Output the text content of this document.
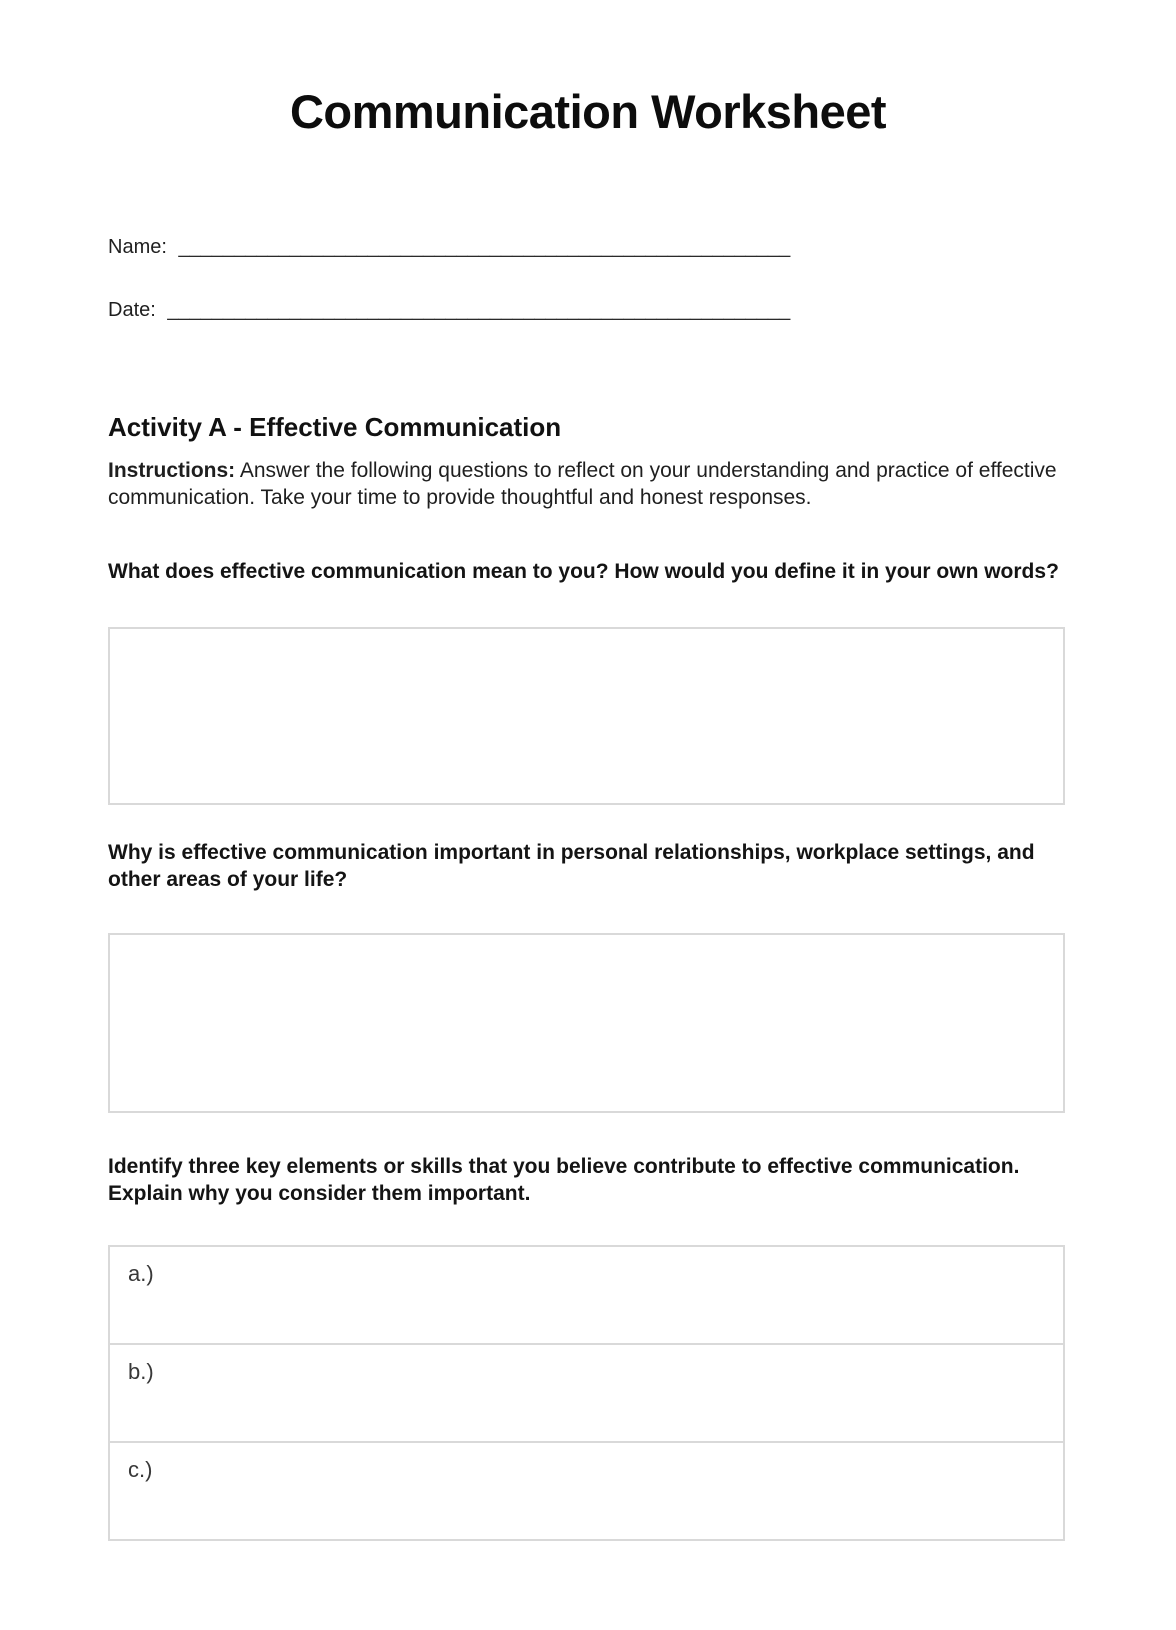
Communication Worksheet
Name: _______________________________________________________
Date: ________________________________________________________
Activity A - Effective Communication

Instructions: Answer the following questions to reflect on your understanding and practice of effective communication. Take your time to provide thoughtful and honest responses.

What does effective communication mean to you? How would you define it in your own words?

Why is effective communication important in personal relationships, workplace settings, and other areas of your life?

Identify three key elements or skills that you believe contribute to effective communication. Explain why you consider them important.

a.)
b.)
c.)
